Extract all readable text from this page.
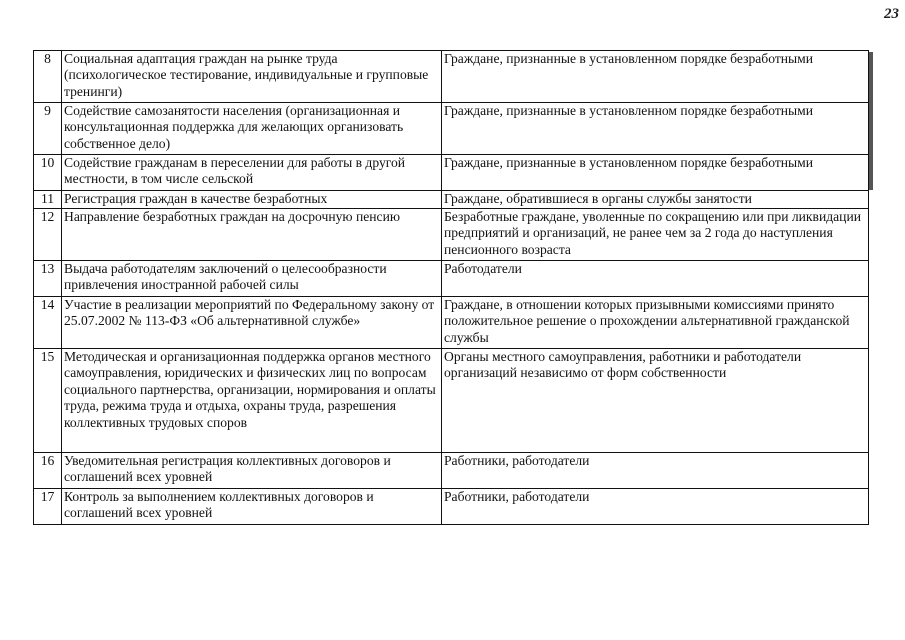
23
8	Социальная адаптация граждан на рынке труда (психологическое тестирование, индивидуальные и групповые тренинги)	Граждане, признанные в установленном порядке безработными
9	Содействие самозанятости населения (организационная и консультационная поддержка для желающих организовать собственное дело)	Граждане, признанные в установленном порядке безработными
10	Содействие гражданам в переселении для работы в другой местности, в том числе сельской	Граждане, признанные в установленном порядке безработными
11	Регистрация граждан в качестве безработных	Граждане, обратившиеся в органы службы занятости
12	Направление безработных граждан на досрочную пенсию	Безработные граждане, уволенные по сокращению или при ликвидации предприятий и организаций, не ранее чем за 2 года до наступления пенсионного возраста
13	Выдача работодателям заключений о целесообразности привлечения иностранной рабочей силы	Работодатели
14	Участие в реализации мероприятий по Федеральному закону от 25.07.2002 № 113-ФЗ «Об альтернативной службе»	Граждане, в отношении которых призывными комиссиями принято положительное решение о прохождении альтернативной гражданской службы
15	Методическая и организационная поддержка органов местного самоуправления, юридических и физических лиц по вопросам социального партнерства, организации, нормирования и оплаты труда, режима труда и отдыха, охраны труда, разрешения коллективных трудовых споров	Органы местного самоуправления, работники и работодатели организаций независимо от форм собственности
16	Уведомительная регистрация коллективных договоров и соглашений всех уровней	Работники, работодатели
17	Контроль за выполнением коллективных договоров и соглашений всех уровней	Работники, работодатели
